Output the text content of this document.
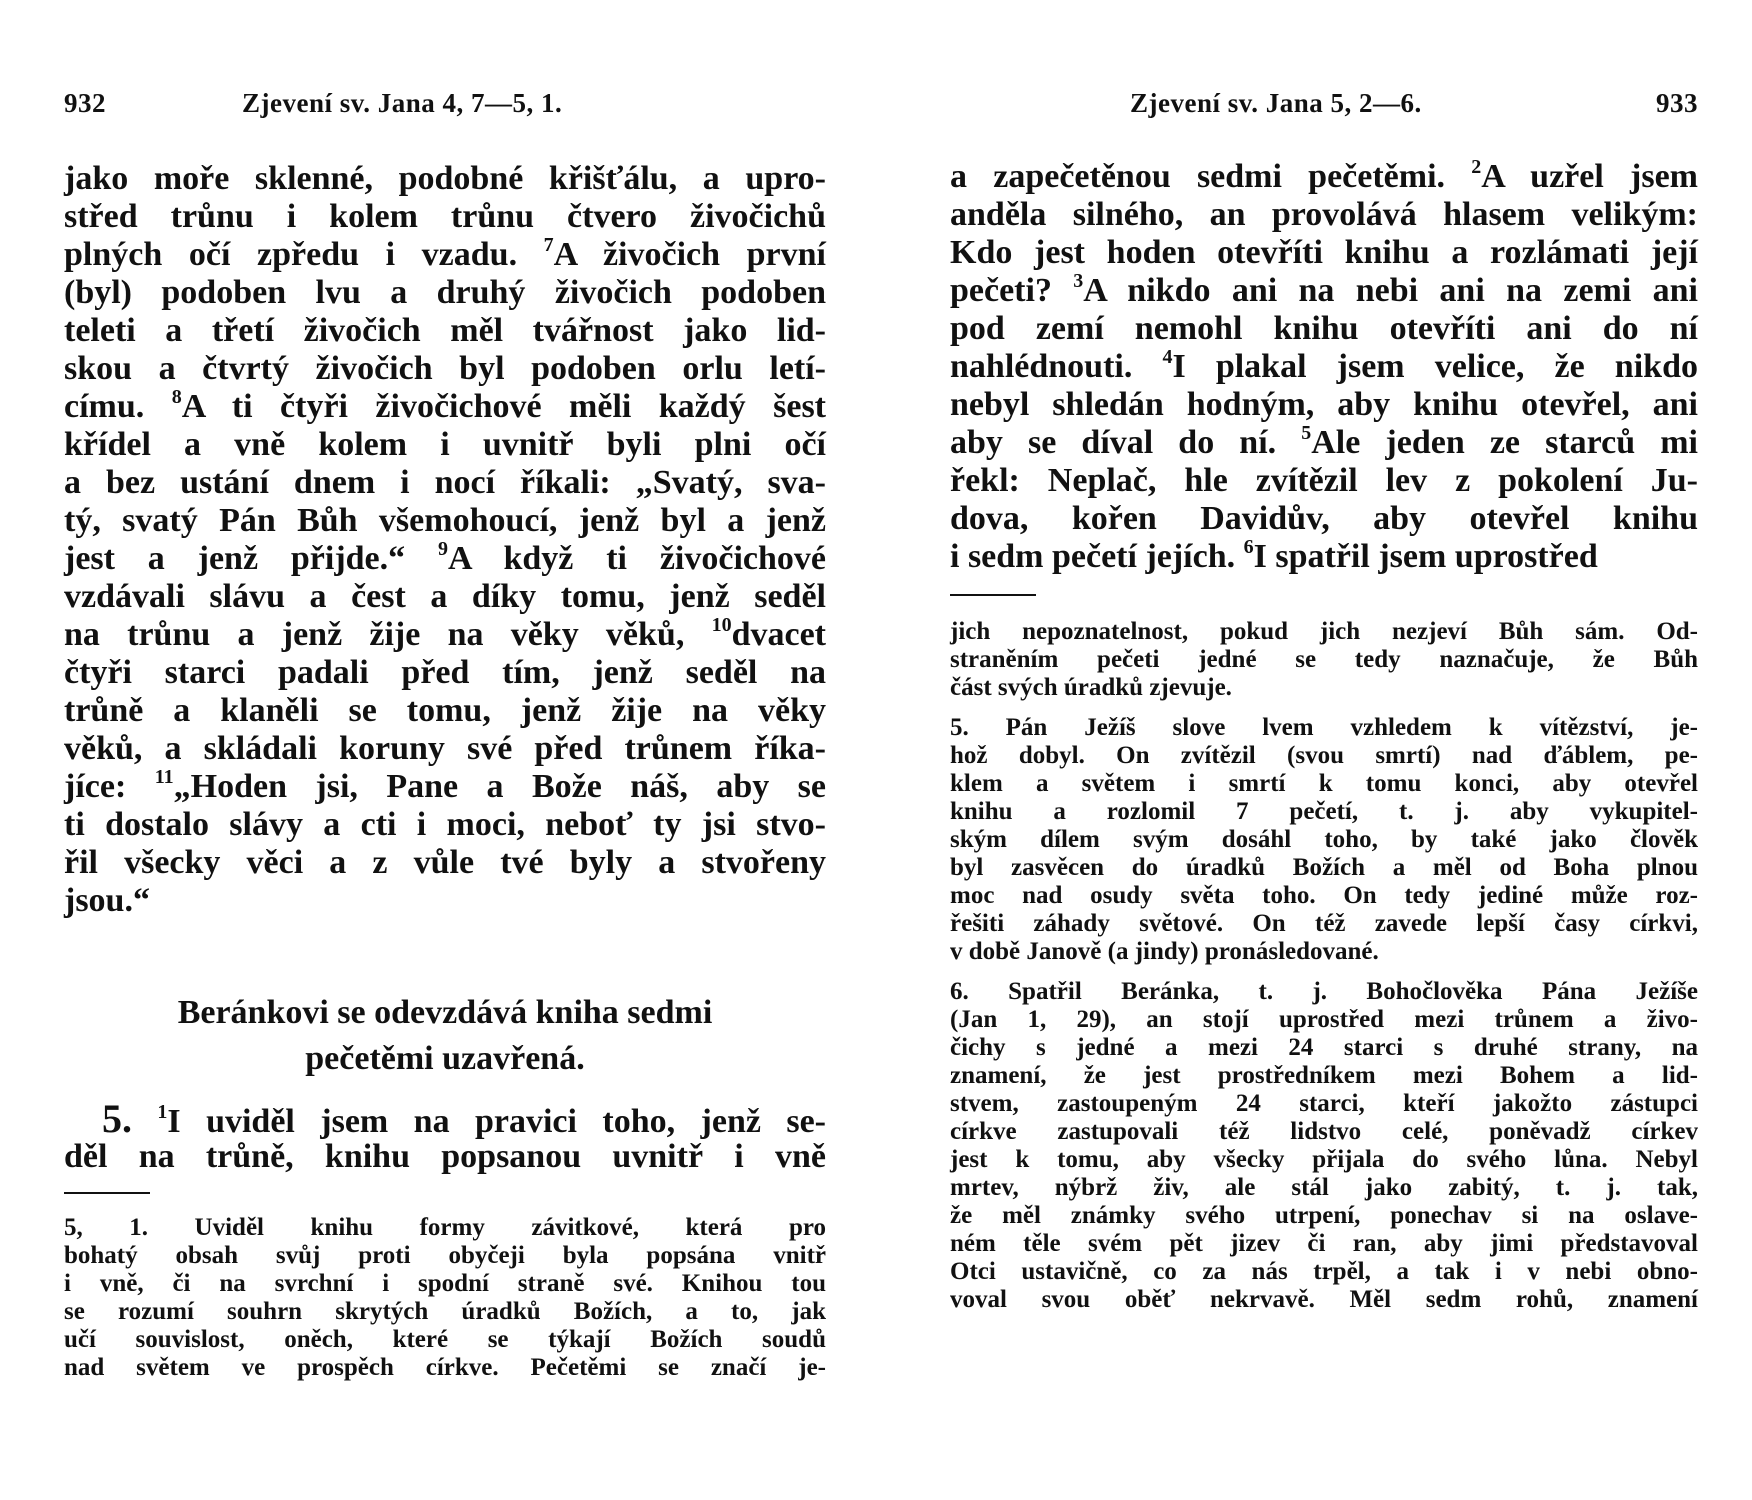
932	Zjevení sv. Jana 4, 7—5, 1.
jako moře sklenné, podobné křišťálu, a upro-
střed trůnu i kolem trůnu čtvero živočichů
plných očí zpředu i vzadu. $^7$A živočich první
(byl) podoben lvu a druhý živočich podoben
teleti a třetí živočich měl tvářnost jako lid-
skou a čtvrtý živočich byl podoben orlu letí-
címu. $^8$A ti čtyři živočichové měli každý šest
křídel a vně kolem i uvnitř byli plni očí
a bez ustání dnem i nocí říkali: „Svatý, sva-
tý, svatý Pán Bůh všemohoucí, jenž byl a jenž
jest a jenž přijde.“ $^9$A když ti živočichové
vzdávali slávu a čest a díky tomu, jenž seděl
na trůnu a jenž žije na věky věků, $^{10}$dvacet
čtyři starci padali před tím, jenž seděl na
trůně a klaněli se tomu, jenž žije na věky
věků, a skládali koruny své před trůnem říka-
jíce: $^{11}$„Hoden jsi, Pane a Bože náš, aby se
ti dostalo slávy a cti i moci, neboť ty jsi stvo-
řil všecky věci a z vůle tvé byly a stvořeny
jsou.“
Beránkovi se odevzdává kniha sedmi
pečetěmi uzavřená.
5. $^1$I uviděl jsem na pravici toho, jenž se-
děl na trůně, knihu popsanou uvnitř i vně
5, 1. Uviděl knihu formy závitkové, která pro
bohatý obsah svůj proti obyčeji byla popsána vnitř
i vně, či na svrchní i spodní straně své. Knihou tou
se rozumí souhrn skrytých úradků Božích, a to, jak
učí souvislost, oněch, které se týkají Božích soudů
nad světem ve prospěch církve. Pečetěmi se značí je-
Zjevení sv. Jana 5, 2—6.	933
a zapečetěnou sedmi pečetěmi. $^2$A uzřel jsem
anděla silného, an provolává hlasem velikým:
Kdo jest hoden otevříti knihu a rozlámati její
pečeti? $^3$A nikdo ani na nebi ani na zemi ani
pod zemí nemohl knihu otevříti ani do ní
nahlédnouti. $^4$I plakal jsem velice, že nikdo
nebyl shledán hodným, aby knihu otevřel, ani
aby se díval do ní. $^5$Ale jeden ze starců mi
řekl: Neplač, hle zvítězil lev z pokolení Ju-
dova, kořen Davidův, aby otevřel knihu
i sedm pečetí jejích. $^6$I spatřil jsem uprostřed
jich nepoznatelnost, pokud jich nezjeví Bůh sám. Od-
straněním pečeti jedné se tedy naznačuje, že Bůh
část svých úradků zjevuje.
5. Pán Ježíš slove lvem vzhledem k vítězství, je-
hož dobyl. On zvítězil (svou smrtí) nad ďáblem, pe-
klem a světem i smrtí k tomu konci, aby otevřel
knihu a rozlomil 7 pečetí, t. j. aby vykupitel-
ským dílem svým dosáhl toho, by také jako člověk
byl zasvěcen do úradků Božích a měl od Boha plnou
moc nad osudy světa toho. On tedy jediné může roz-
řešiti záhady světové. On též zavede lepší časy církvi,
v době Janově (a jindy) pronásledované.
6. Spatřil Beránka, t. j. Bohočlověka Pána Ježíše
(Jan 1, 29), an stojí uprostřed mezi trůnem a živo-
čichy s jedné a mezi 24 starci s druhé strany, na
znamení, že jest prostředníkem mezi Bohem a lid-
stvem, zastoupeným 24 starci, kteří jakožto zástupci
církve zastupovali též lidstvo celé, poněvadž církev
jest k tomu, aby všecky přijala do svého lůna. Nebyl
mrtev, nýbrž živ, ale stál jako zabitý, t. j. tak,
že měl známky svého utrpení, ponechav si na oslave-
ném těle svém pět jizev či ran, aby jimi představoval
Otci ustavičně, co za nás trpěl, a tak i v nebi obno-
voval svou oběť nekrvavě. Měl sedm rohů, znamení
